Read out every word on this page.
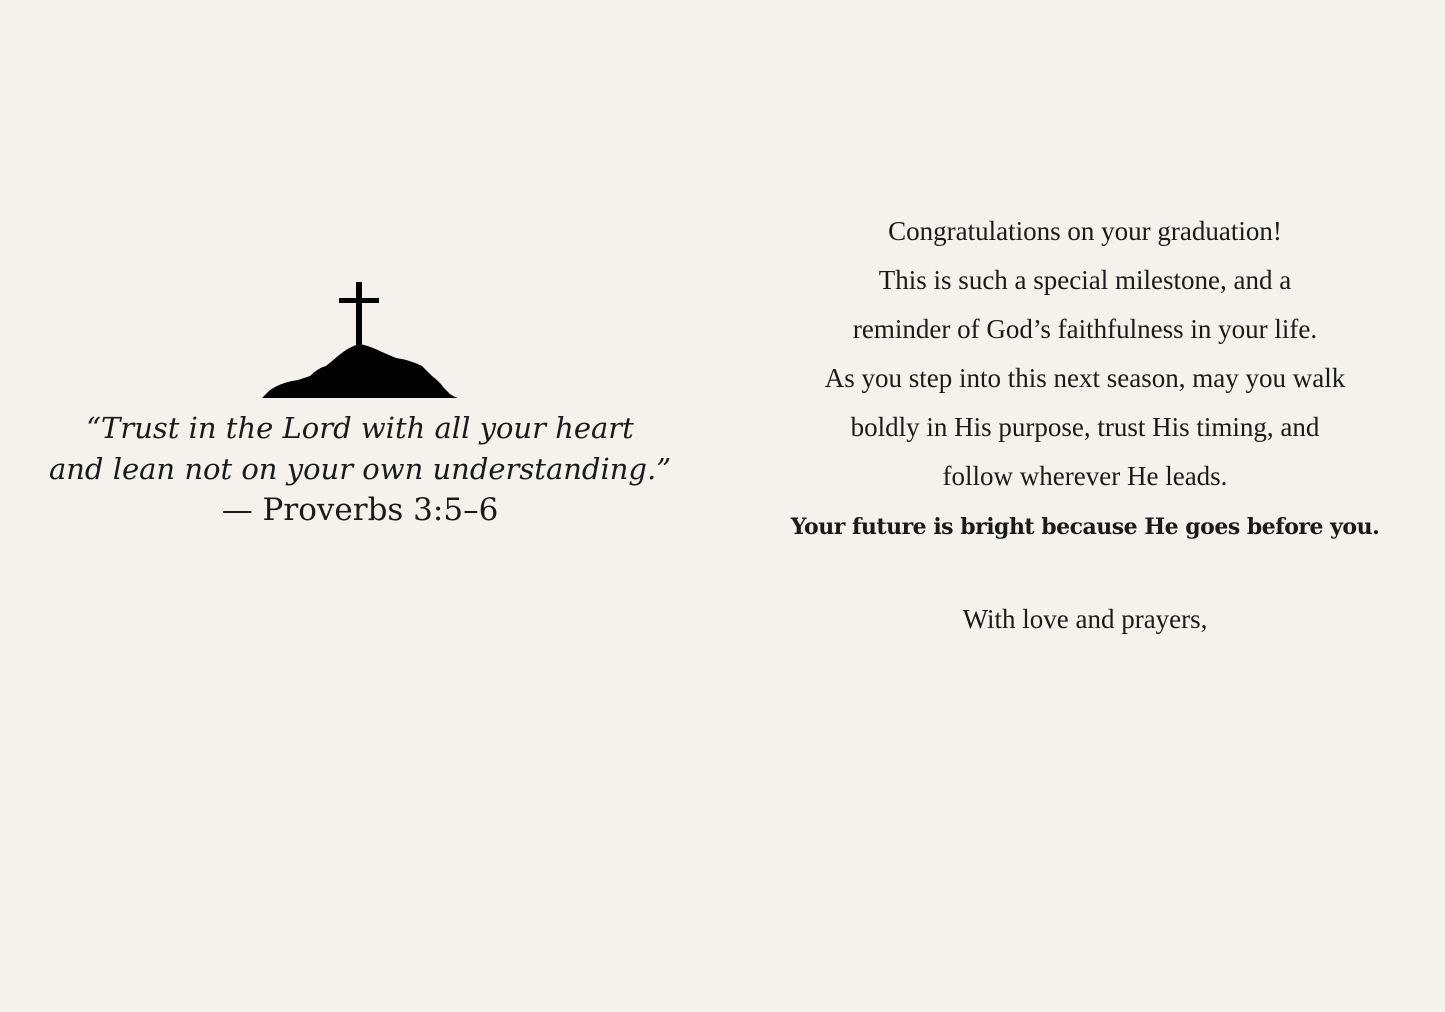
“Trust in the Lord with all your heart
and lean not on your own understanding.”
— Proverbs 3:5–6
Congratulations on your graduation!
This is such a special milestone, and a
reminder of God’s faithfulness in your life.
As you step into this next season, may you walk
boldly in His purpose, trust His timing, and
follow wherever He leads.
Your future is bright because He goes before you.
With love and prayers,
